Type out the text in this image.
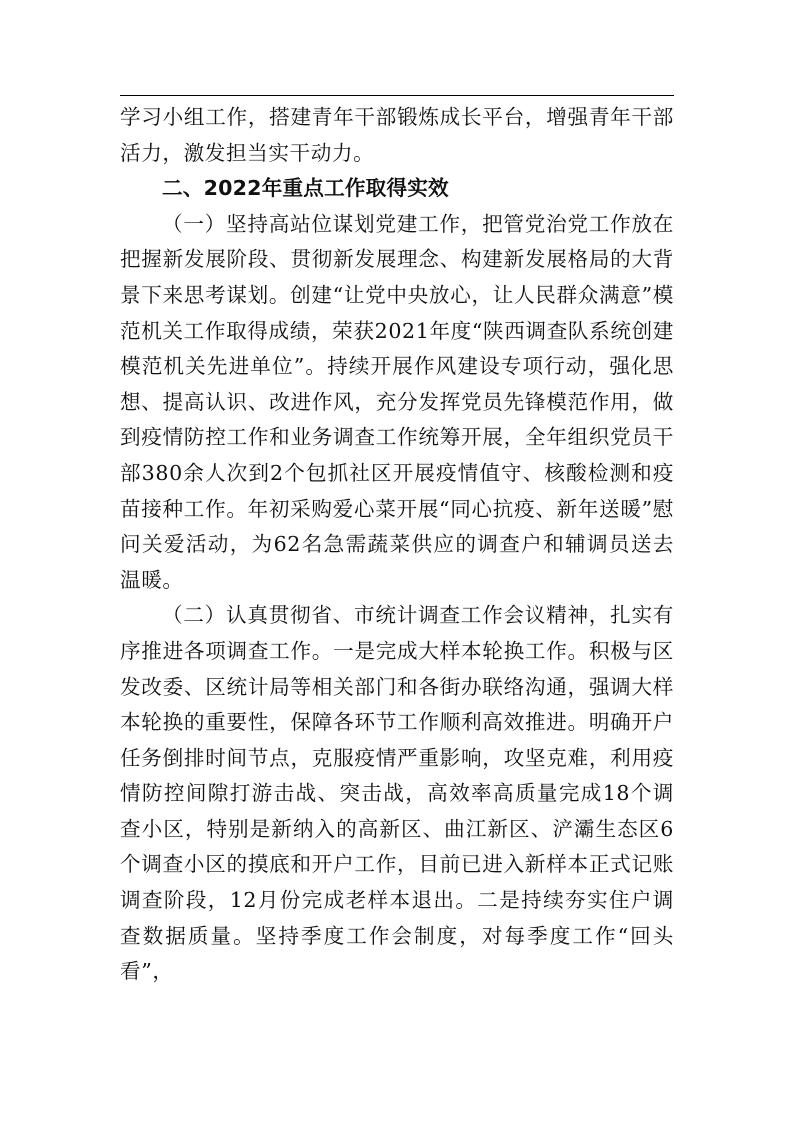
学习小组工作，搭建青年干部锻炼成长平台，增强青年干部活力，激发担当实干动力。

二、2022年重点工作取得实效

（一）坚持高站位谋划党建工作，把管党治党工作放在把握新发展阶段、贯彻新发展理念、构建新发展格局的大背景下来思考谋划。创建“让党中央放心，让人民群众满意”模范机关工作取得成绩，荣获2021年度“陕西调查队系统创建模范机关先进单位”。持续开展作风建设专项行动，强化思想、提高认识、改进作风，充分发挥党员先锋模范作用，做到疫情防控工作和业务调查工作统筹开展，全年组织党员干部380余人次到2个包抓社区开展疫情值守、核酸检测和疫苗接种工作。年初采购爱心菜开展“同心抗疫、新年送暖”慰问关爱活动，为62名急需蔬菜供应的调查户和辅调员送去温暖。

（二）认真贯彻省、市统计调查工作会议精神，扎实有序推进各项调查工作。一是完成大样本轮换工作。积极与区发改委、区统计局等相关部门和各街办联络沟通，强调大样本轮换的重要性，保障各环节工作顺利高效推进。明确开户任务倒排时间节点，克服疫情严重影响，攻坚克难，利用疫情防控间隙打游击战、突击战，高效率高质量完成18个调查小区，特别是新纳入的高新区、曲江新区、浐灞生态区6个调查小区的摸底和开户工作，目前已进入新样本正式记账调查阶段，12月份完成老样本退出。二是持续夯实住户调查数据质量。坚持季度工作会制度，对每季度工作“回头看”，
